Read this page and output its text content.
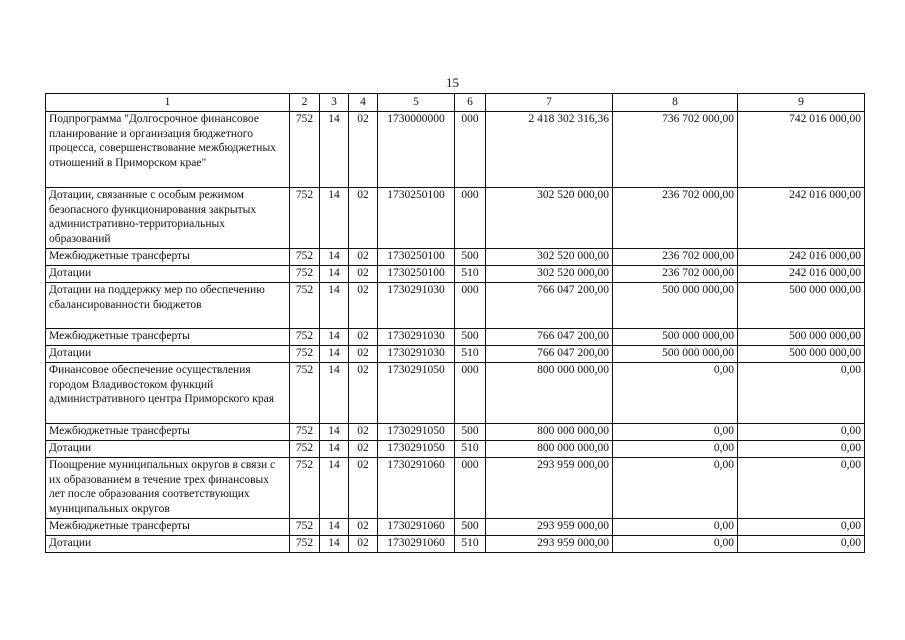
15
1	2	3	4	5	6	7	8	9
Подпрограмма "Долгосрочное финансовое планирование и организация бюджетного процесса, совершенствование межбюджетных отношений в Приморском крае"	752	14	02	1730000000	000	2 418 302 316,36	736 702 000,00	742 016 000,00
Дотации, связанные с особым режимом безопасного функционирования закрытых административно-территориальных образований	752	14	02	1730250100	000	302 520 000,00	236 702 000,00	242 016 000,00
Межбюджетные трансферты	752	14	02	1730250100	500	302 520 000,00	236 702 000,00	242 016 000,00
Дотации	752	14	02	1730250100	510	302 520 000,00	236 702 000,00	242 016 000,00
Дотации на поддержку мер по обеспечению сбалансированности бюджетов	752	14	02	1730291030	000	766 047 200,00	500 000 000,00	500 000 000,00
Межбюджетные трансферты	752	14	02	1730291030	500	766 047 200,00	500 000 000,00	500 000 000,00
Дотации	752	14	02	1730291030	510	766 047 200,00	500 000 000,00	500 000 000,00
Финансовое обеспечение осуществления городом Владивостоком функций административного центра Приморского края	752	14	02	1730291050	000	800 000 000,00	0,00	0,00
Межбюджетные трансферты	752	14	02	1730291050	500	800 000 000,00	0,00	0,00
Дотации	752	14	02	1730291050	510	800 000 000,00	0,00	0,00
Поощрение муниципальных округов в связи с их образованием в течение трех финансовых лет после образования соответствующих муниципальных округов	752	14	02	1730291060	000	293 959 000,00	0,00	0,00
Межбюджетные трансферты	752	14	02	1730291060	500	293 959 000,00	0,00	0,00
Дотации	752	14	02	1730291060	510	293 959 000,00	0,00	0,00
